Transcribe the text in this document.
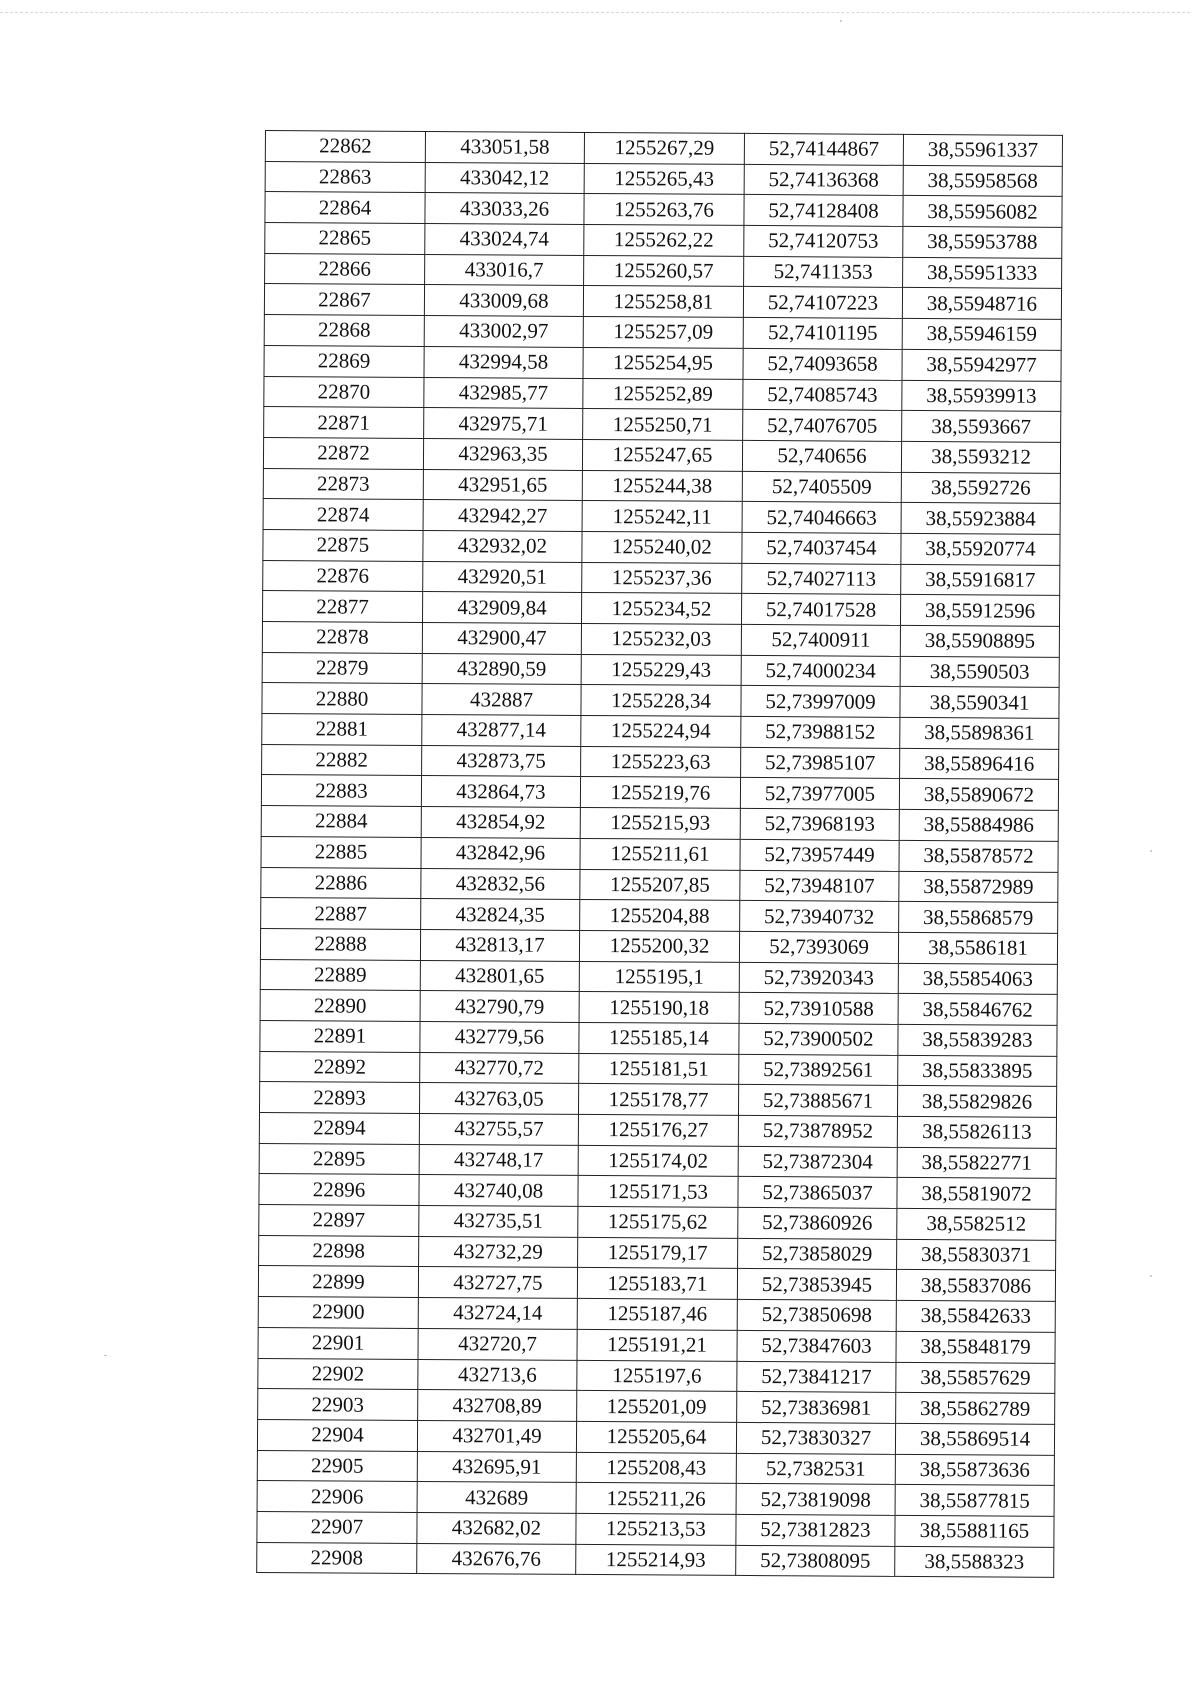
22862	433051,58	1255267,29	52,74144867	38,55961337
22863	433042,12	1255265,43	52,74136368	38,55958568
22864	433033,26	1255263,76	52,74128408	38,55956082
22865	433024,74	1255262,22	52,74120753	38,55953788
22866	433016,7	1255260,57	52,7411353	38,55951333
22867	433009,68	1255258,81	52,74107223	38,55948716
22868	433002,97	1255257,09	52,74101195	38,55946159
22869	432994,58	1255254,95	52,74093658	38,55942977
22870	432985,77	1255252,89	52,74085743	38,55939913
22871	432975,71	1255250,71	52,74076705	38,5593667
22872	432963,35	1255247,65	52,740656	38,5593212
22873	432951,65	1255244,38	52,7405509	38,5592726
22874	432942,27	1255242,11	52,74046663	38,55923884
22875	432932,02	1255240,02	52,74037454	38,55920774
22876	432920,51	1255237,36	52,74027113	38,55916817
22877	432909,84	1255234,52	52,74017528	38,55912596
22878	432900,47	1255232,03	52,7400911	38,55908895
22879	432890,59	1255229,43	52,74000234	38,5590503
22880	432887	1255228,34	52,73997009	38,5590341
22881	432877,14	1255224,94	52,73988152	38,55898361
22882	432873,75	1255223,63	52,73985107	38,55896416
22883	432864,73	1255219,76	52,73977005	38,55890672
22884	432854,92	1255215,93	52,73968193	38,55884986
22885	432842,96	1255211,61	52,73957449	38,55878572
22886	432832,56	1255207,85	52,73948107	38,55872989
22887	432824,35	1255204,88	52,73940732	38,55868579
22888	432813,17	1255200,32	52,7393069	38,5586181
22889	432801,65	1255195,1	52,73920343	38,55854063
22890	432790,79	1255190,18	52,73910588	38,55846762
22891	432779,56	1255185,14	52,73900502	38,55839283
22892	432770,72	1255181,51	52,73892561	38,55833895
22893	432763,05	1255178,77	52,73885671	38,55829826
22894	432755,57	1255176,27	52,73878952	38,55826113
22895	432748,17	1255174,02	52,73872304	38,55822771
22896	432740,08	1255171,53	52,73865037	38,55819072
22897	432735,51	1255175,62	52,73860926	38,5582512
22898	432732,29	1255179,17	52,73858029	38,55830371
22899	432727,75	1255183,71	52,73853945	38,55837086
22900	432724,14	1255187,46	52,73850698	38,55842633
22901	432720,7	1255191,21	52,73847603	38,55848179
22902	432713,6	1255197,6	52,73841217	38,55857629
22903	432708,89	1255201,09	52,73836981	38,55862789
22904	432701,49	1255205,64	52,73830327	38,55869514
22905	432695,91	1255208,43	52,7382531	38,55873636
22906	432689	1255211,26	52,73819098	38,55877815
22907	432682,02	1255213,53	52,73812823	38,55881165
22908	432676,76	1255214,93	52,73808095	38,5588323
